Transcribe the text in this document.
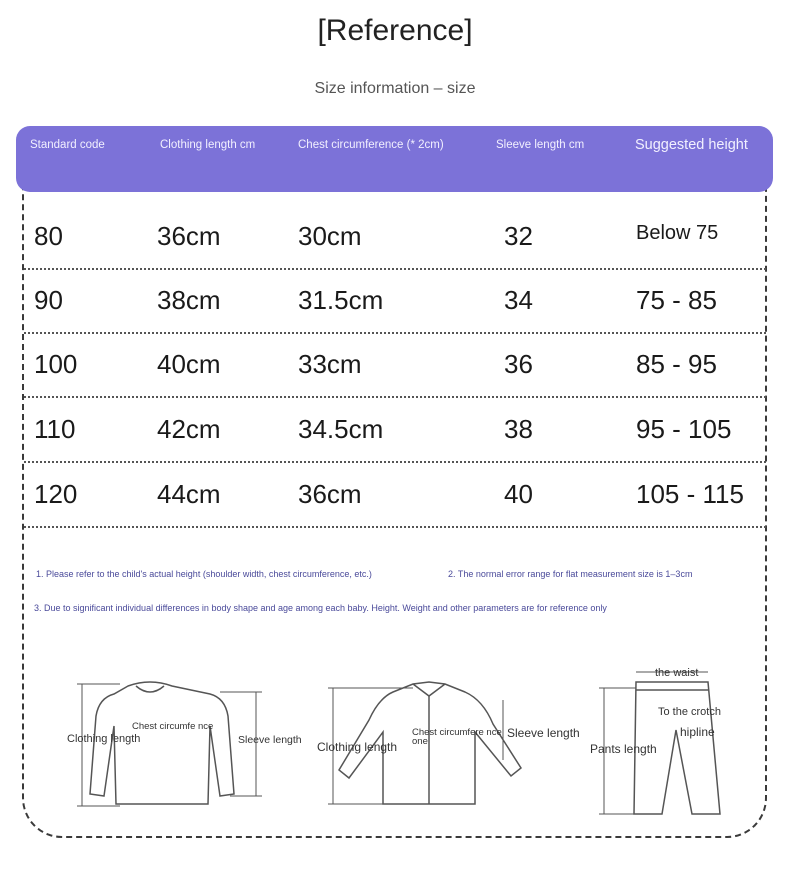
[Reference]
Size information – size
Standard code	Clothing length cm	Chest circumference (* 2cm)	Sleeve length cm	Suggested height
80	36cm	30cm	32	Below 75
90	38cm	31.5cm	34	75 - 85
100	40cm	33cm	36	85 - 95
110	42cm	34.5cm	38	95 - 105
120	44cm	36cm	40	105 - 115
1. Please refer to the child's actual height (shoulder width, chest circumference, etc.)	2. The normal error range for flat measurement size is 1–3cm
3. Due to significant individual differences in body shape and age among each baby. Height. Weight and other parameters are for reference only
Clothing length
Chest circumfe nce
Sleeve length Clothing length
Chest circumfere nce one
Sleeve length
the waist
To the crotch
hipline
Pants length
